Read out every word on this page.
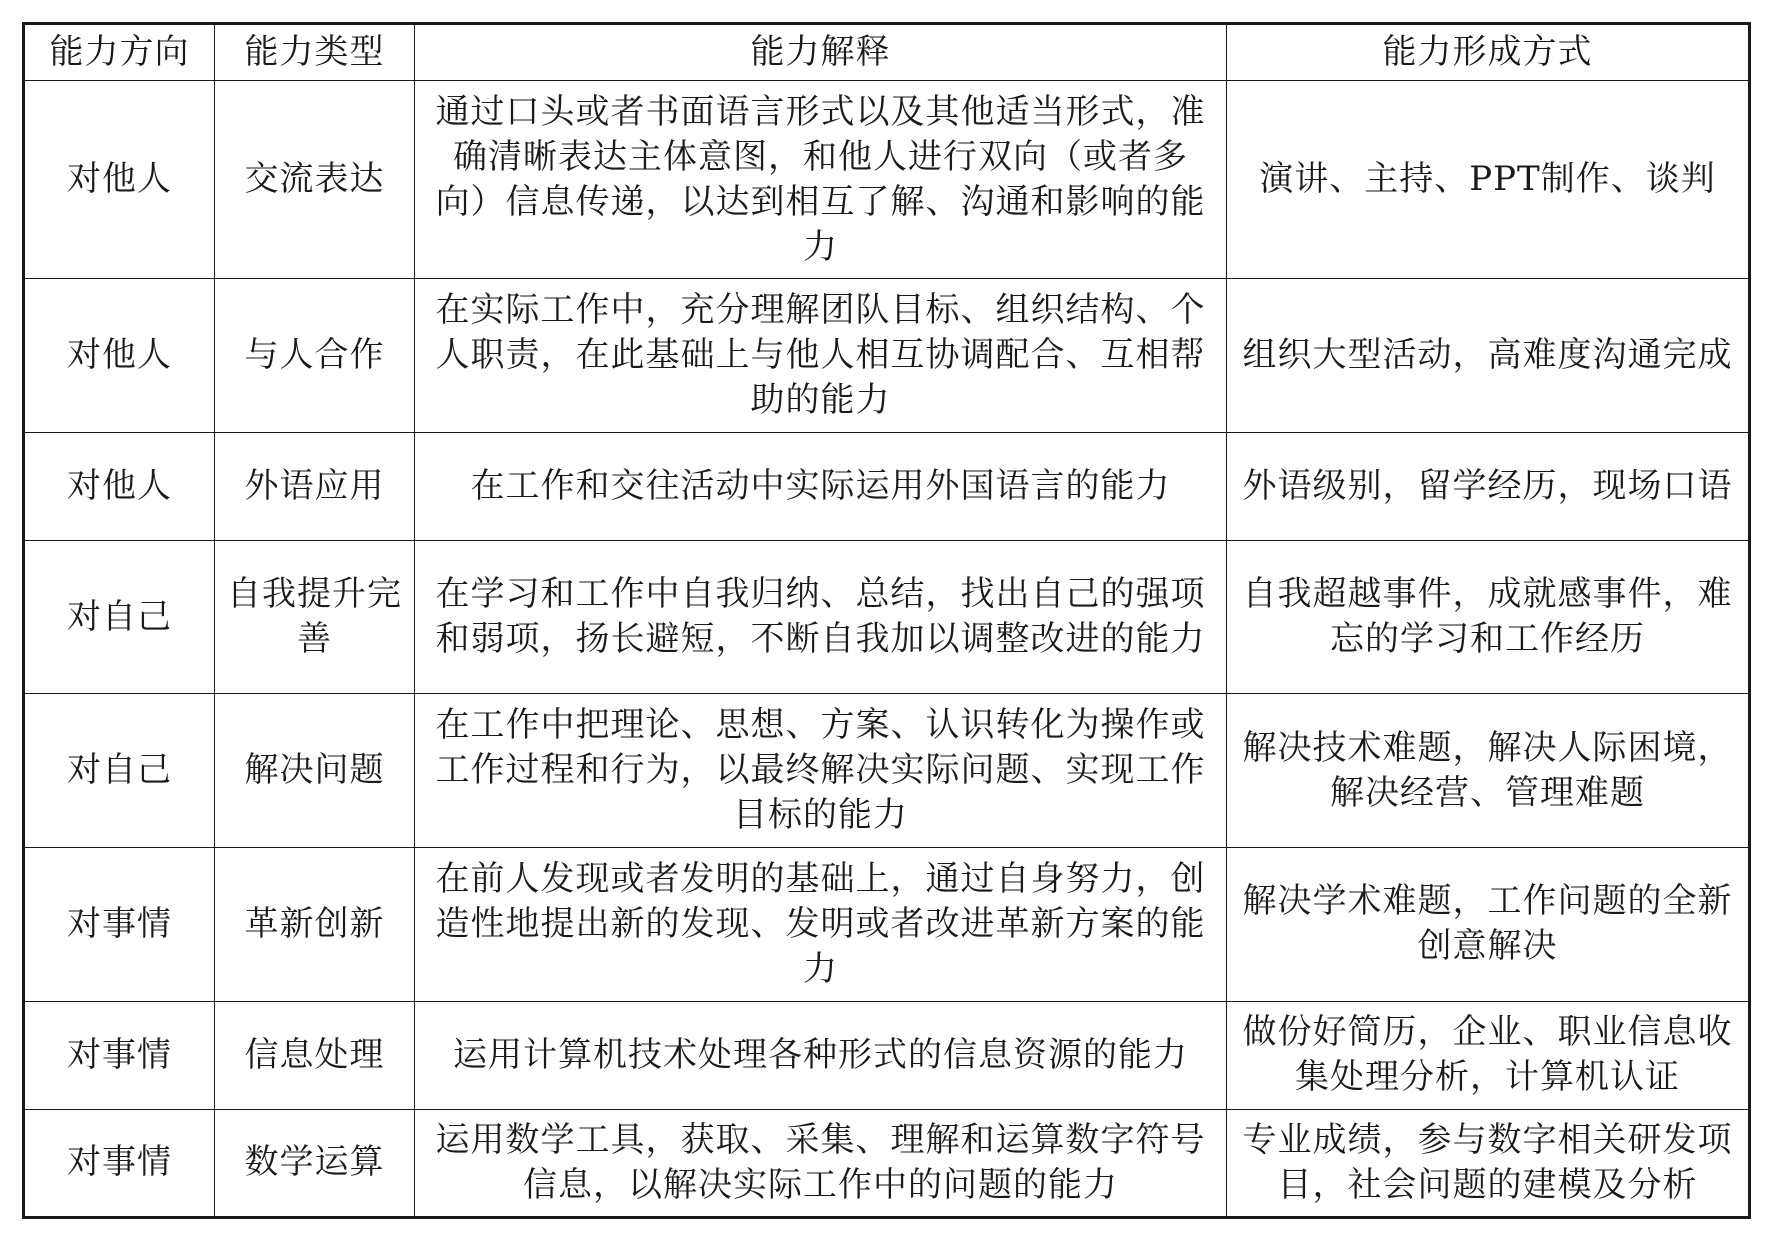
能力方向	能力类型	能力解释	能力形成方式
对他人	交流表达	通过口头或者书面语言形式以及其他适当形式，准确清晰表达主体意图，和他人进行双向（或者多向）信息传递，以达到相互了解、沟通和影响的能力	演讲、主持、PPT制作、谈判
对他人	与人合作	在实际工作中，充分理解团队目标、组织结构、个人职责，在此基础上与他人相互协调配合、互相帮助的能力	组织大型活动，高难度沟通完成
对他人	外语应用	在工作和交往活动中实际运用外国语言的能力	外语级别，留学经历，现场口语
对自己	自我提升完善	在学习和工作中自我归纳、总结，找出自己的强项和弱项，扬长避短，不断自我加以调整改进的能力	自我超越事件，成就感事件，难忘的学习和工作经历
对自己	解决问题	在工作中把理论、思想、方案、认识转化为操作或工作过程和行为，以最终解决实际问题、实现工作目标的能力	解决技术难题，解决人际困境，解决经营、管理难题
对事情	革新创新	在前人发现或者发明的基础上，通过自身努力，创造性地提出新的发现、发明或者改进革新方案的能力	解决学术难题，工作问题的全新创意解决
对事情	信息处理	运用计算机技术处理各种形式的信息资源的能力	做份好简历，企业、职业信息收集处理分析，计算机认证
对事情	数学运算	运用数学工具，获取、采集、理解和运算数字符号信息，以解决实际工作中的问题的能力	专业成绩，参与数字相关研发项目，社会问题的建模及分析
